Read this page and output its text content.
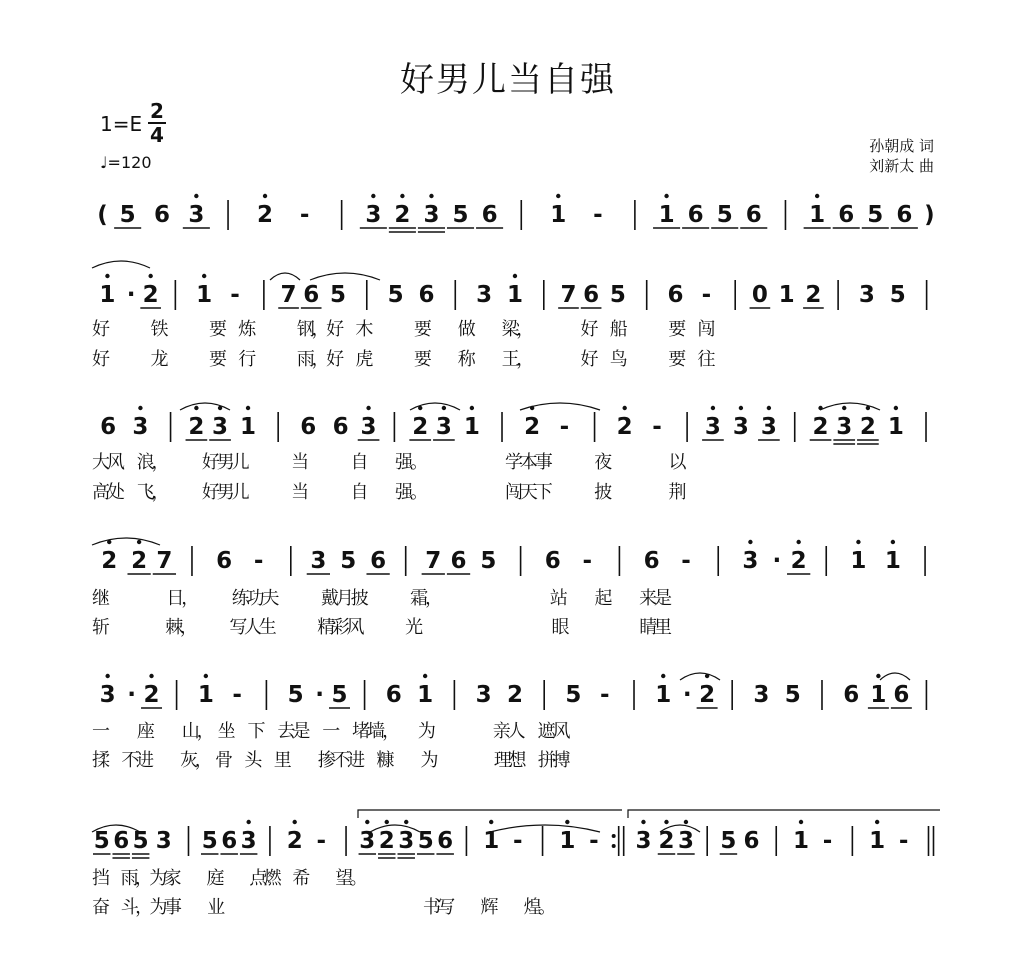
好男儿当自强
$1=E \frac{2}{4}$
♩=120
孙朝成 词
刘新太 曲
( 5 6 3 2 - 3 2 3 5 6 1 - 1 6 5 6 1 6 5 6 )
1 · 2 1 - 7 6 5 5 6 3 1 7 6 5 6 - 0 1 2 3 5
好　　　铁　　　要　炼　　　钢，好　木　　　要　　做　　梁，　　　　好　船　　　要　闯
好　　　龙　　　要　行　　　雨，好　虎　　　要　　称　　王，　　　　好　鸟　　　要　往
6 3 2 3 1 6 6 3 2 3 1 2 - 2 - 3 3 3 2 3 2 1
大风　浪，　　　好男儿　　　当　　　自　　强。　　　　　　学本事　　　夜　　　　以
高处　飞，　　　好男儿　　　当　　　自　　强。　　　　　　闯天下　　　披　　　　荆
2 2 7 6 - 3 5 6 7 6 5 6 - 6 - 3 · 2 1 1
继　　　　日，　　　练功夫　　　戴月披　　　霜，　　　　　　　　站　　起　　来是
斩　　　　棘，　　　写人生　　　精彩风　　　光　　　　　　　　　眼　　　　　睛里
3 · 2 1 - 5 · 5 6 1 3 2 5 - 1 · 2 3 5 6 1 6
一　　座　　山，　坐　下　去是　一　堵墙，　　为　　　　亲人　遮风
揉　不进　　灰，　骨　头　里　　掺不进　糠　　为　　　　理想　拼搏
5 6 5 3 5 6 3 2 - 3 2 3 5 6 1 - 1 - 3 2 3 5 6 1 - 1 -
挡　雨，为家　　庭　　点燃　希　　望。
奋　斗，为事　　业　　　　　　　　　　　　　　书写　　辉　　煌。
